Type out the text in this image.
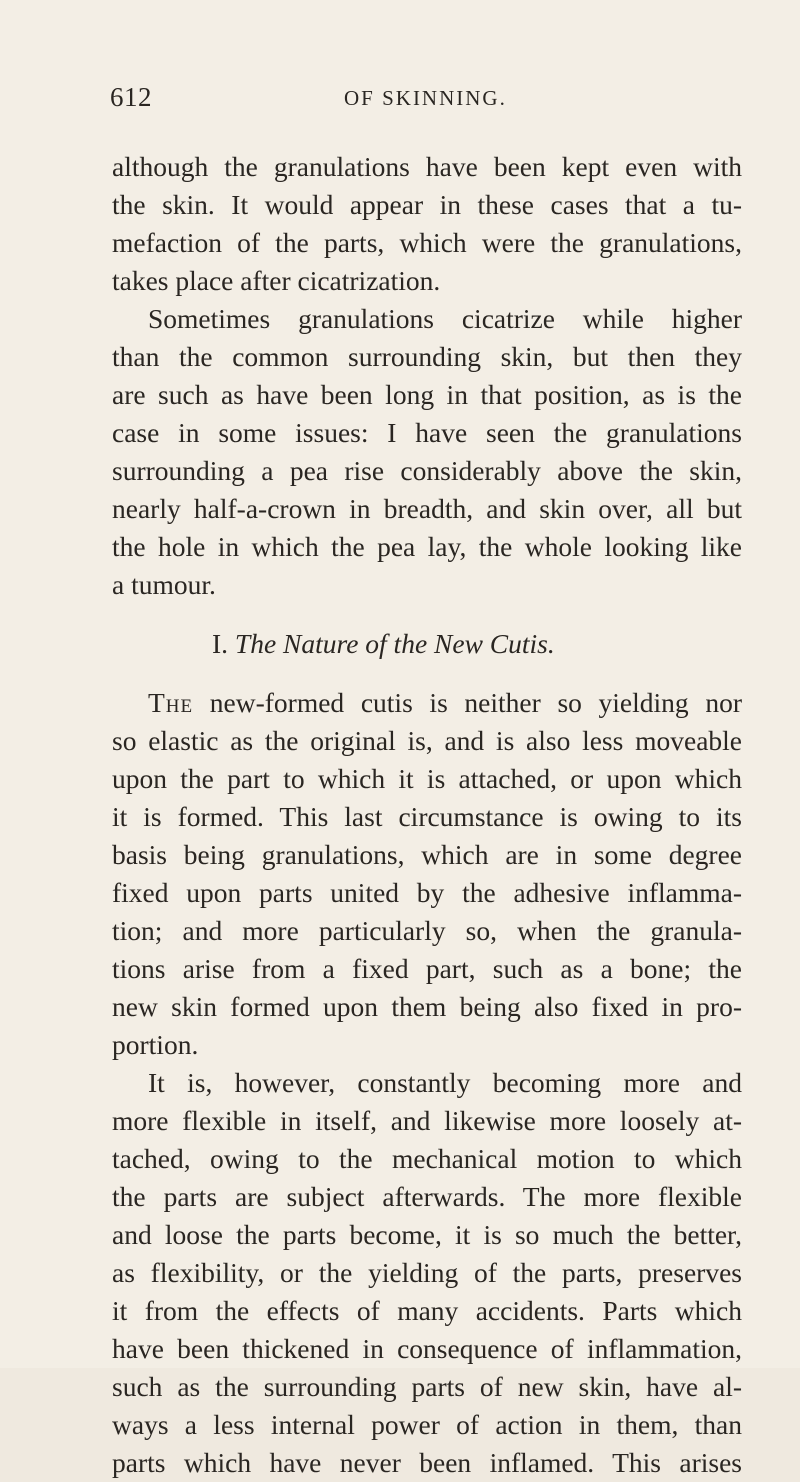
612	OF SKINNING.
although the granulations have been kept even with
the skin. It would appear in these cases that a tu-
mefaction of the parts, which were the granulations,
takes place after cicatrization.
Sometimes granulations cicatrize while higher
than the common surrounding skin, but then they
are such as have been long in that position, as is the
case in some issues: I have seen the granulations
surrounding a pea rise considerably above the skin,
nearly half-a-crown in breadth, and skin over, all but
the hole in which the pea lay, the whole looking like
a tumour.
I. The Nature of the New Cutis.
The new-formed cutis is neither so yielding nor
so elastic as the original is, and is also less moveable
upon the part to which it is attached, or upon which
it is formed. This last circumstance is owing to its
basis being granulations, which are in some degree
fixed upon parts united by the adhesive inflamma-
tion; and more particularly so, when the granula-
tions arise from a fixed part, such as a bone; the
new skin formed upon them being also fixed in pro-
portion.
It is, however, constantly becoming more and
more flexible in itself, and likewise more loosely at-
tached, owing to the mechanical motion to which
the parts are subject afterwards. The more flexible
and loose the parts become, it is so much the better,
as flexibility, or the yielding of the parts, preserves
it from the effects of many accidents. Parts which
have been thickened in consequence of inflammation,
such as the surrounding parts of new skin, have al-
ways a less internal power of action in them, than
parts which have never been inflamed. This arises
